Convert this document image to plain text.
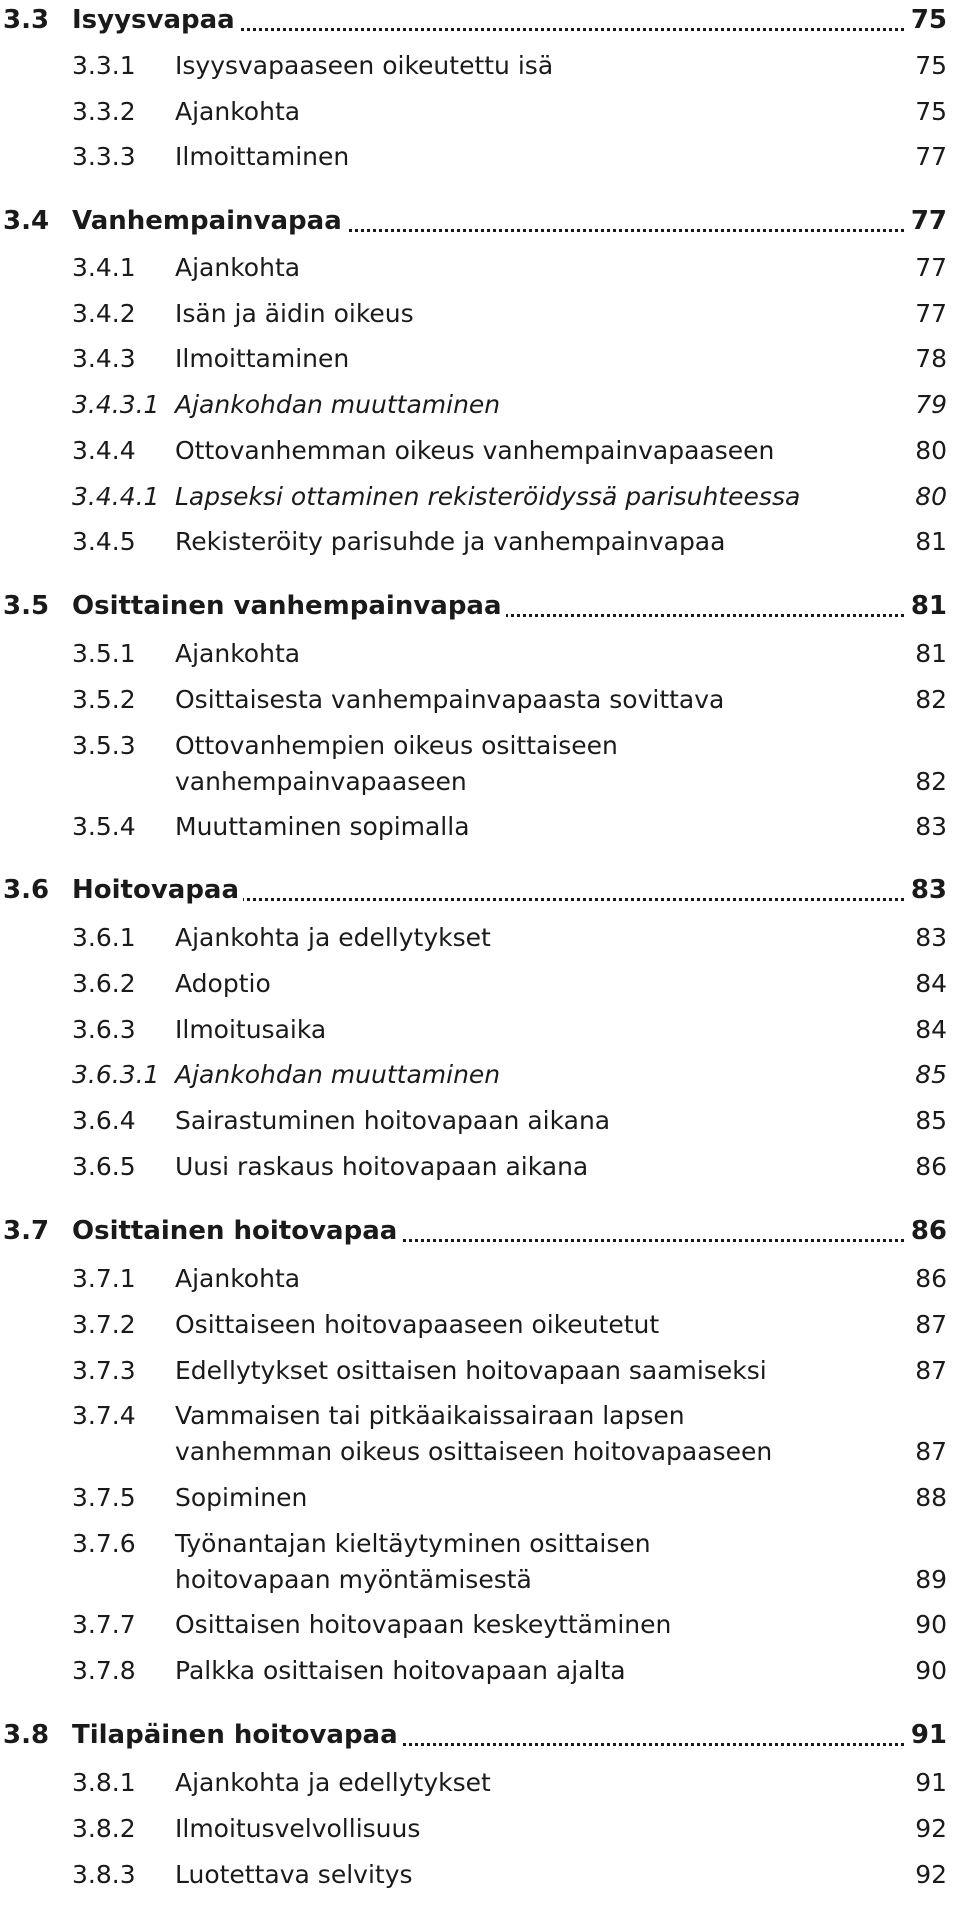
3.3 Isyysvapaa	75
3.3.1 Isyysvapaaseen oikeutettu isä	75
3.3.2 Ajankohta	75
3.3.3 Ilmoittaminen	77
3.4 Vanhempainvapaa	77
3.4.1 Ajankohta	77
3.4.2 Isän ja äidin oikeus	77
3.4.3 Ilmoittaminen	78
3.4.3.1 Ajankohdan muuttaminen	79
3.4.4 Ottovanhemman oikeus vanhempainvapaaseen	80
3.4.4.1 Lapseksi ottaminen rekisteröidyssä parisuhteessa	80
3.4.5 Rekisteröity parisuhde ja vanhempainvapaa	81
3.5 Osittainen vanhempainvapaa	81
3.5.1 Ajankohta	81
3.5.2 Osittaisesta vanhempainvapaasta sovittava	82
3.5.3 Ottovanhempien oikeus osittaiseen
vanhempainvapaaseen	82
3.5.4 Muuttaminen sopimalla	83
3.6 Hoitovapaa	83
3.6.1 Ajankohta ja edellytykset	83
3.6.2 Adoptio	84
3.6.3 Ilmoitusaika	84
3.6.3.1 Ajankohdan muuttaminen	85
3.6.4 Sairastuminen hoitovapaan aikana	85
3.6.5 Uusi raskaus hoitovapaan aikana	86
3.7 Osittainen hoitovapaa	86
3.7.1 Ajankohta	86
3.7.2 Osittaiseen hoitovapaaseen oikeutetut	87
3.7.3 Edellytykset osittaisen hoitovapaan saamiseksi	87
3.7.4 Vammaisen tai pitkäaikaissairaan lapsen
vanhemman oikeus osittaiseen hoitovapaaseen	87
3.7.5 Sopiminen	88
3.7.6 Työnantajan kieltäytyminen osittaisen
hoitovapaan myöntämisestä	89
3.7.7 Osittaisen hoitovapaan keskeyttäminen	90
3.7.8 Palkka osittaisen hoitovapaan ajalta	90
3.8 Tilapäinen hoitovapaa	91
3.8.1 Ajankohta ja edellytykset	91
3.8.2 Ilmoitusvelvollisuus	92
3.8.3 Luotettava selvitys	92
